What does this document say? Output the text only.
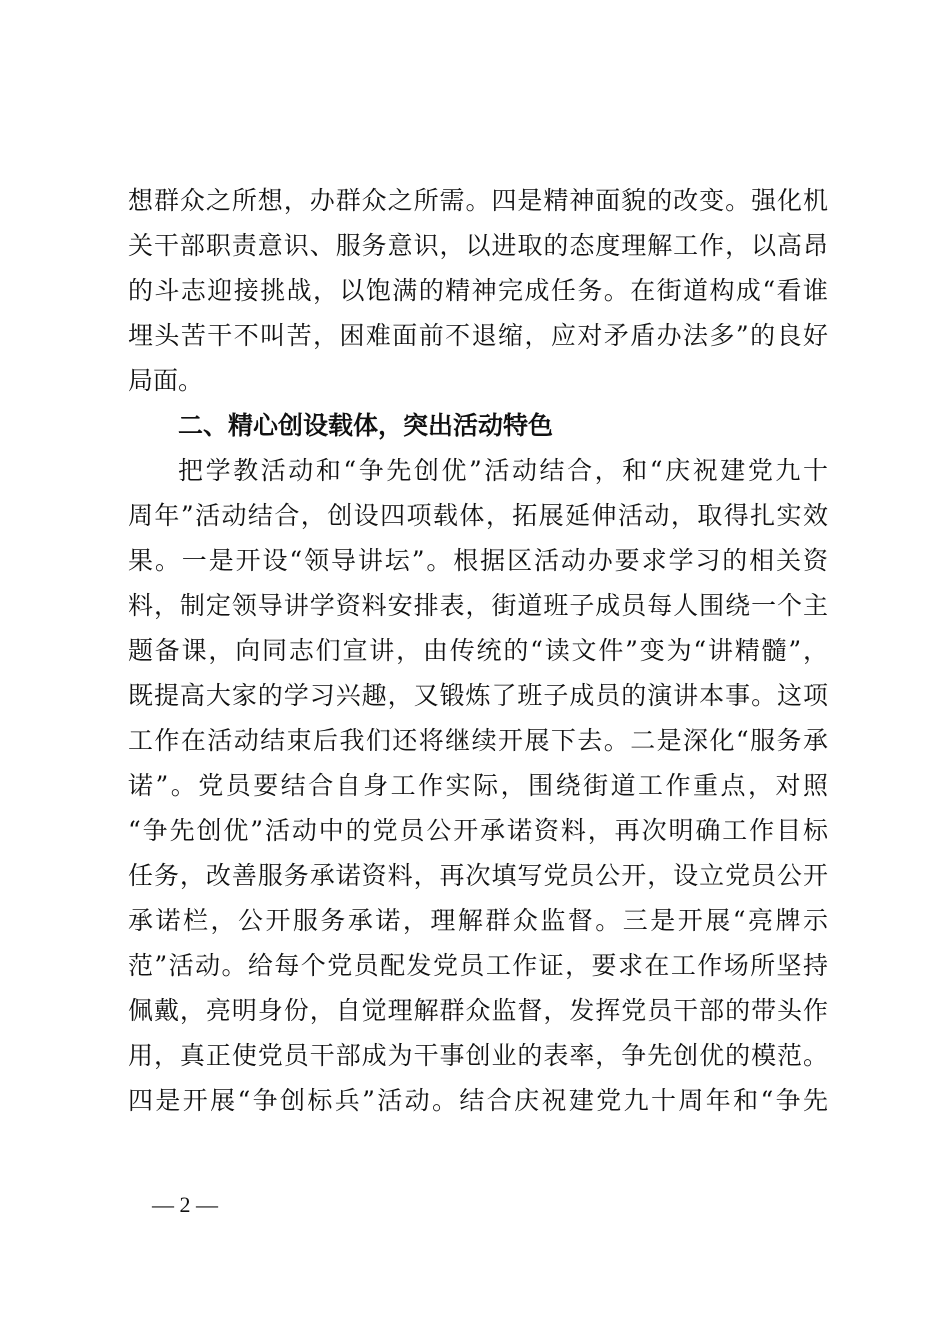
想群众之所想，办群众之所需。四是精神面貌的改变。强化机
关干部职责意识、服务意识，以进取的态度理解工作，以高昂
的斗志迎接挑战，以饱满的精神完成任务。在街道构成“看谁
埋头苦干不叫苦，困难面前不退缩，应对矛盾办法多”的良好
局面。
二、精心创设载体，突出活动特色
把学教活动和“争先创优”活动结合，和“庆祝建党九十
周年”活动结合，创设四项载体，拓展延伸活动，取得扎实效
果。一是开设“领导讲坛”。根据区活动办要求学习的相关资
料，制定领导讲学资料安排表，街道班子成员每人围绕一个主
题备课，向同志们宣讲，由传统的“读文件”变为“讲精髓”，
既提高大家的学习兴趣，又锻炼了班子成员的演讲本事。这项
工作在活动结束后我们还将继续开展下去。二是深化“服务承
诺”。党员要结合自身工作实际，围绕街道工作重点，对照
“争先创优”活动中的党员公开承诺资料，再次明确工作目标
任务，改善服务承诺资料，再次填写党员公开，设立党员公开
承诺栏，公开服务承诺，理解群众监督。三是开展“亮牌示
范”活动。给每个党员配发党员工作证，要求在工作场所坚持
佩戴，亮明身份，自觉理解群众监督，发挥党员干部的带头作
用，真正使党员干部成为干事创业的表率，争先创优的模范。
四是开展“争创标兵”活动。结合庆祝建党九十周年和“争先
— 2 —
